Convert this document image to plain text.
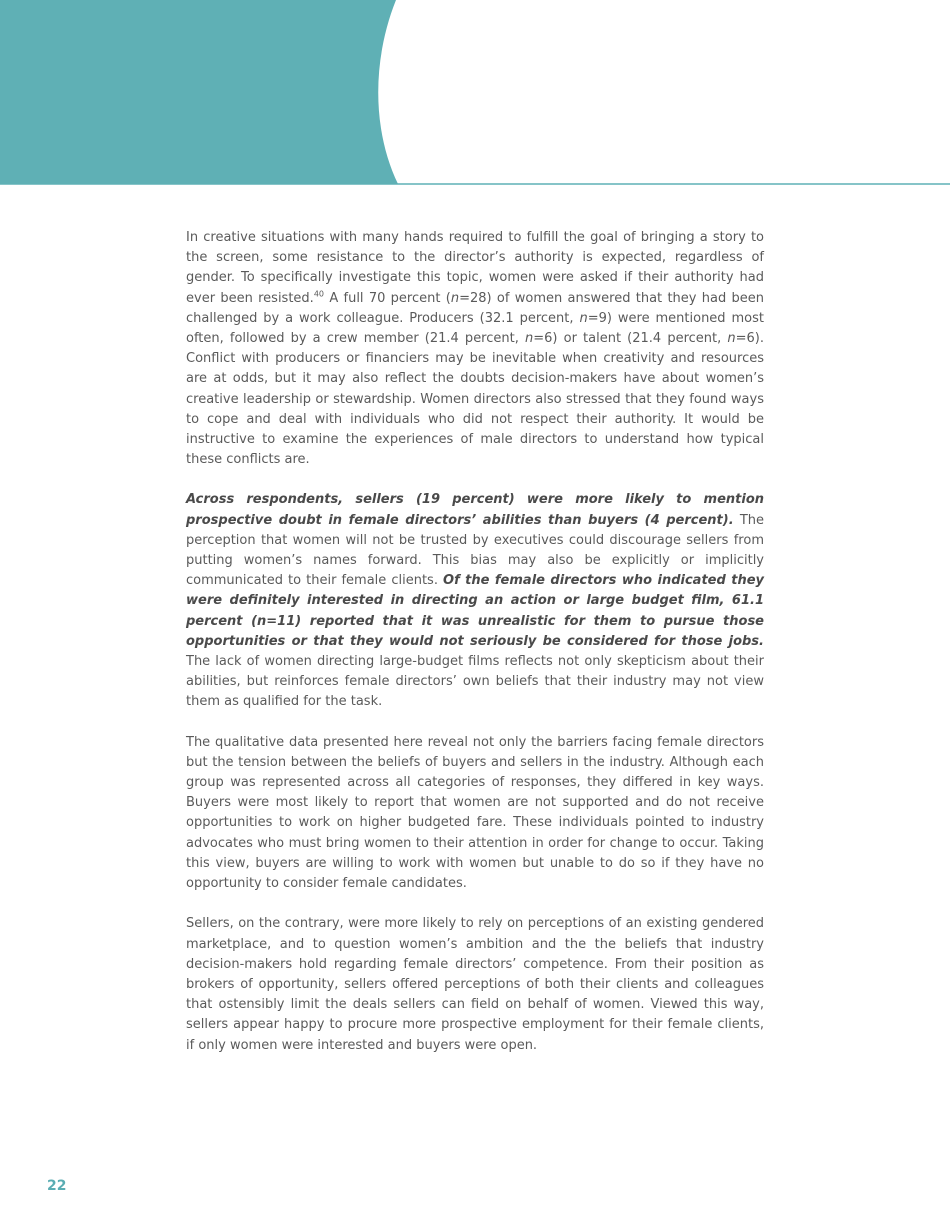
In creative situations with many hands required to fulfill the goal of bringing a story to the screen, some resistance to the director’s authority is expected, regardless of gender. To specifically investigate this topic, women were asked if their authority had ever been resisted.$^{40}$ A full 70 percent (n=28) of women answered that they had been challenged by a work colleague. Producers (32.1 percent, n=9) were mentioned most often, followed by a crew member (21.4 percent, n=6) or talent (21.4 percent, n=6). Conflict with producers or financiers may be inevitable when creativity and resources are at odds, but it may also reflect the doubts decision-makers have about women’s creative leadership or stewardship. Women directors also stressed that they found ways to cope and deal with individuals who did not respect their authority. It would be instructive to examine the experiences of male directors to understand how typical these conflicts are.

Across respondents, sellers (19 percent) were more likely to mention prospective doubt in female directors’ abilities than buyers (4 percent). The perception that women will not be trusted by executives could discourage sellers from putting women’s names forward. This bias may also be explicitly or implicitly communicated to their female clients. Of the female directors who indicated they were definitely interested in directing an action or large budget film, 61.1 percent (n=11) reported that it was unrealistic for them to pursue those opportunities or that they would not seriously be considered for those jobs. The lack of women directing large-budget films reflects not only skepticism about their abilities, but reinforces female directors’ own beliefs that their industry may not view them as qualified for the task.

The qualitative data presented here reveal not only the barriers facing female directors but the tension between the beliefs of buyers and sellers in the industry. Although each group was represented across all categories of responses, they differed in key ways. Buyers were most likely to report that women are not supported and do not receive opportunities to work on higher budgeted fare. These individuals pointed to industry advocates who must bring women to their attention in order for change to occur. Taking this view, buyers are willing to work with women but unable to do so if they have no opportunity to consider female candidates.

Sellers, on the contrary, were more likely to rely on perceptions of an existing gendered marketplace, and to question women’s ambition and the the beliefs that industry decision-makers hold regarding female directors’ competence. From their position as brokers of opportunity, sellers offered perceptions of both their clients and colleagues that ostensibly limit the deals sellers can field on behalf of women. Viewed this way, sellers appear happy to procure more prospective employment for their female clients, if only women were interested and buyers were open.

22
